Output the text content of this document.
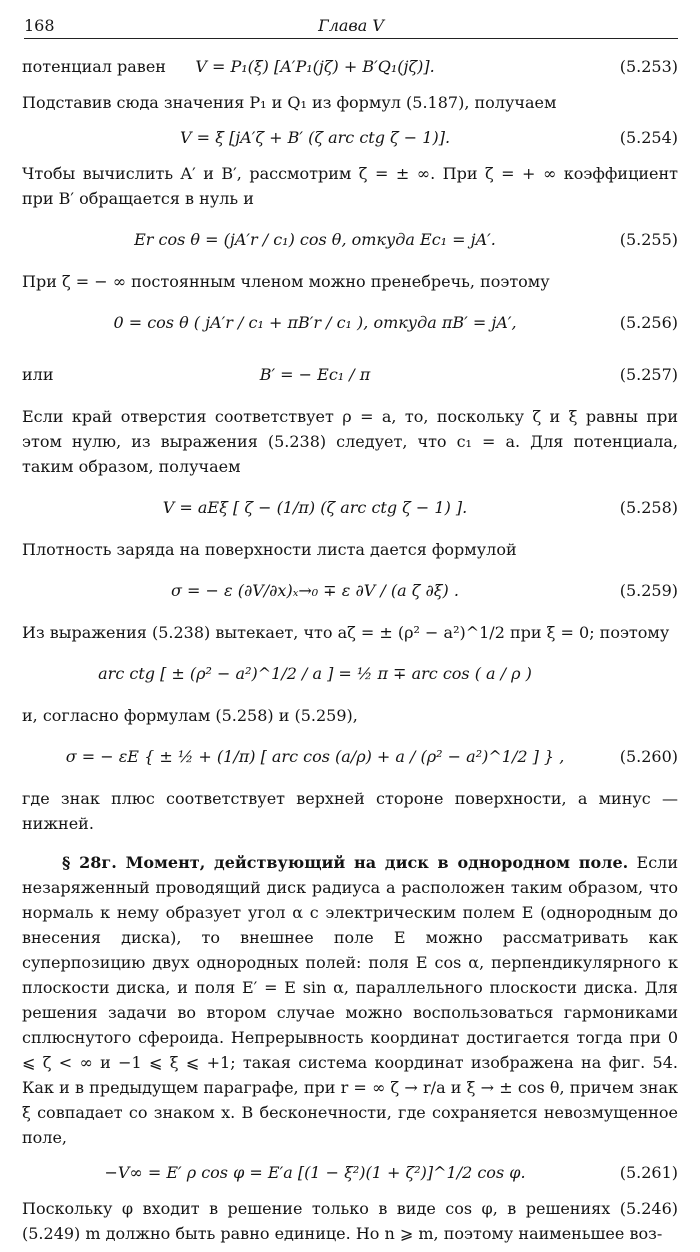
168	Глава V
потенциал равен	V = P₁(ξ) [A′P₁(jζ) + B′Q₁(jζ)].	(5.253)

Подставив сюда значения P₁ и Q₁ из формул (5.187), получаем

V = ξ [jA′ζ + B′ (ζ arc ctg ζ − 1)].	(5.254)

Чтобы вычислить A′ и B′, рассмотрим ζ = ± ∞. При ζ = + ∞ коэффициент при B′ обращается в нуль и

Er cos θ = (jA′r / c₁) cos θ, откуда Ec₁ = jA′.	(5.255)

При ζ = − ∞ постоянным членом можно пренебречь, поэтому

0 = cos θ ( jA′r / c₁ + πB′r / c₁ ), откуда πB′ = jA′,	(5.256)
или	B′ = − Ec₁ / π	(5.257)

Если край отверстия соответствует ρ = a, то, поскольку ζ и ξ равны при этом нулю, из выражения (5.238) следует, что c₁ = a. Для потенциала, таким образом, получаем

V = aEξ [ ζ − (1/π) (ζ arc ctg ζ − 1) ].	(5.258)

Плотность заряда на поверхности листа дается формулой

σ = − ε (∂V/∂x)ₓ→₀ ∓ ε ∂V / (a ζ ∂ξ) .	(5.259)

Из выражения (5.238) вытекает, что aζ = ± (ρ² − a²)^1/2 при ξ = 0; поэтому

arc ctg [ ± (ρ² − a²)^1/2 / a ] = ½ π ∓ arc cos ( a / ρ )

и, согласно формулам (5.258) и (5.259),

σ = − εE { ± ½ + (1/π) [ arc cos (a/ρ) + a / (ρ² − a²)^1/2 ] } ,	(5.260)

где знак плюс соответствует верхней стороне поверхности, а минус — нижней.

§ 28г. Момент, действующий на диск в однородном поле. Если незаряженный проводящий диск радиуса a расположен таким образом, что нормаль к нему образует угол α с электрическим полем E (однородным до внесения диска), то внешнее поле E можно рассматривать как суперпозицию двух однородных полей: поля E cos α, перпендикулярного к плоскости диска, и поля E′ = E sin α, параллельного плоскости диска. Для решения задачи во втором случае можно воспользоваться гармониками сплюснутого сфероида. Непрерывность координат достигается тогда при 0 ⩽ ζ < ∞ и −1 ⩽ ξ ⩽ +1; такая система координат изображена на фиг. 54. Как и в предыдущем параграфе, при r = ∞ ζ → r/a и ξ → ± cos θ, причем знак ξ совпадает со знаком x. В бесконечности, где сохраняется невозмущенное поле,

−V∞ = E′ ρ cos φ = E′a [(1 − ξ²)(1 + ζ²)]^1/2 cos φ.	(5.261)

Поскольку φ входит в решение только в виде cos φ, в решениях (5.246) (5.249) m должно быть равно единице. Но n ⩾ m, поэтому наименьшее воз-
